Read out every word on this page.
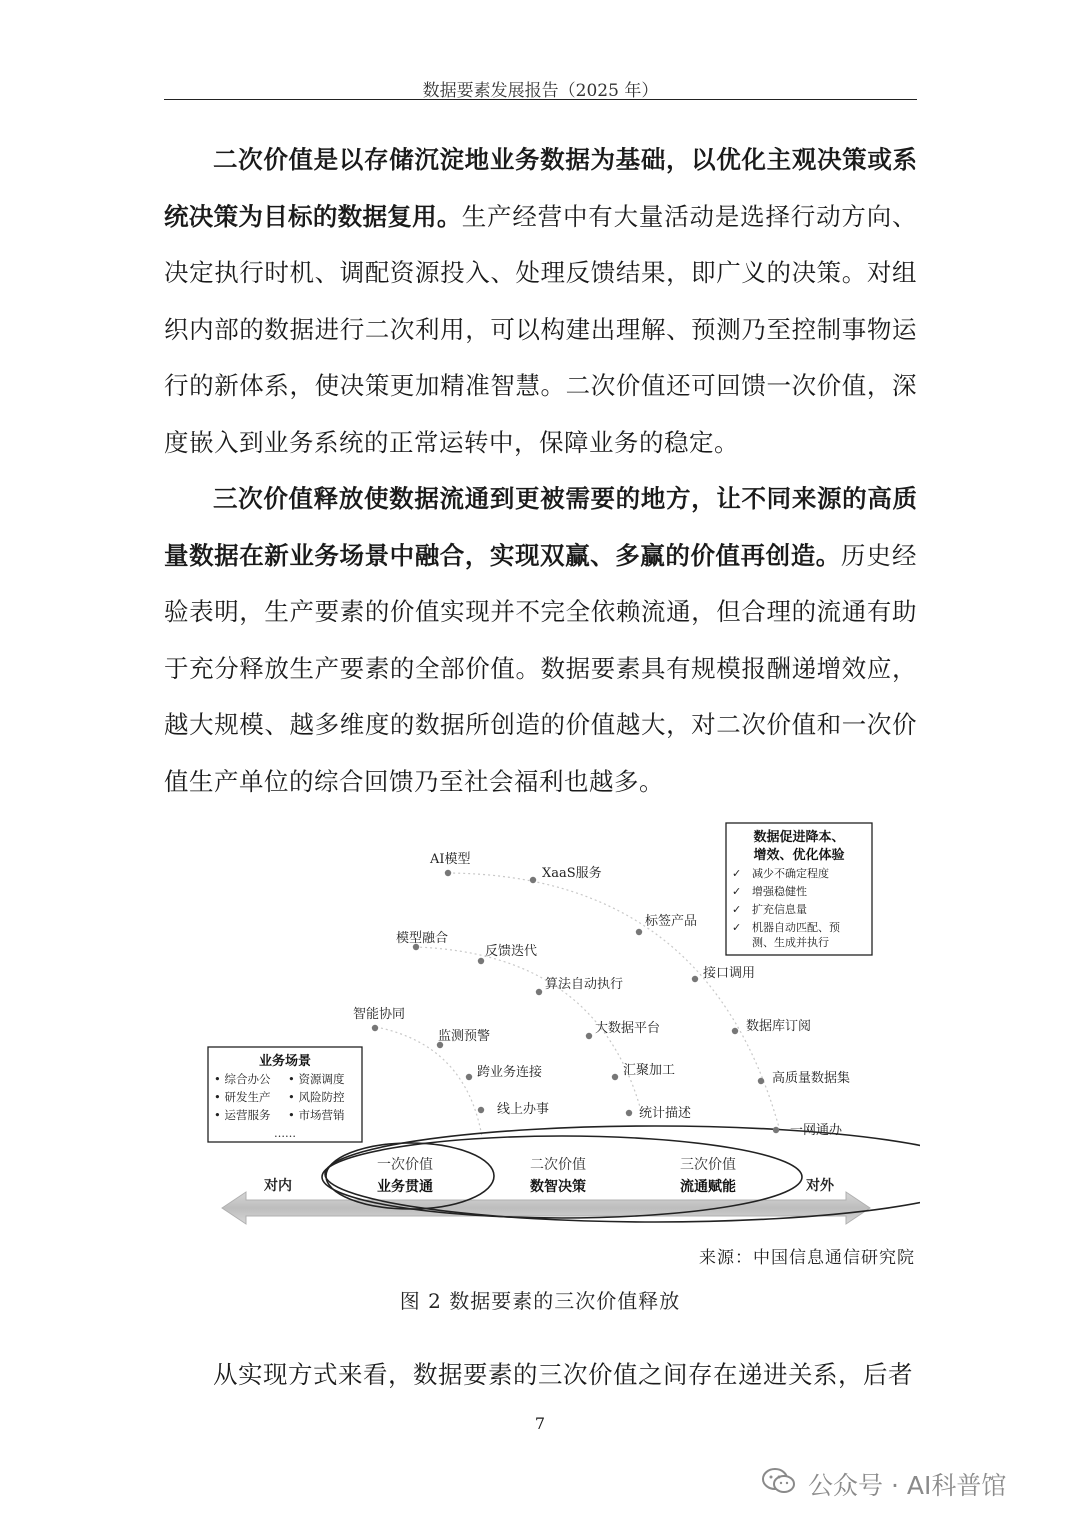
数据要素发展报告（2025 年）

二次价值是以存储沉淀地业务数据为基础，以优化主观决策或系统决策为目标的数据复用。生产经营中有大量活动是选择行动方向、决定执行时机、调配资源投入、处理反馈结果，即广义的决策。对组织内部的数据进行二次利用，可以构建出理解、预测乃至控制事物运行的新体系，使决策更加精准智慧。二次价值还可回馈一次价值，深度嵌入到业务系统的正常运转中，保障业务的稳定。

三次价值释放使数据流通到更被需要的地方，让不同来源的高质量数据在新业务场景中融合，实现双赢、多赢的价值再创造。历史经验表明，生产要素的价值实现并不完全依赖流通，但合理的流通有助于充分释放生产要素的全部价值。数据要素具有规模报酬递增效应，越大规模、越多维度的数据所创造的价值越大，对二次价值和一次价值生产单位的综合回馈乃至社会福利也越多。

一次价值
业务贯通
二次价值
数智决策
三次价值
流通赋能
对内	对外
AI模型
XaaS服务
标签产品
接口调用
数据库订阅
高质量数据集
一网通办
模型融合
反馈迭代
算法自动执行
大数据平台
汇聚加工
统计描述
智能协同
监测预警
跨业务连接
线上办事
数据促进降本、
增效、优化体验
✓ 减少不确定程度
✓ 增强稳健性
✓ 扩充信息量
✓ 机器自动匹配、预
测、生成并执行
业务场景
• 综合办公 • 资源调度
• 研发生产 • 风险防控
• 运营服务 • 市场营销
……
来源：中国信息通信研究院
图 2 数据要素的三次价值释放

从实现方式来看，数据要素的三次价值之间存在递进关系，后者

7
公众号 · AI科普馆
